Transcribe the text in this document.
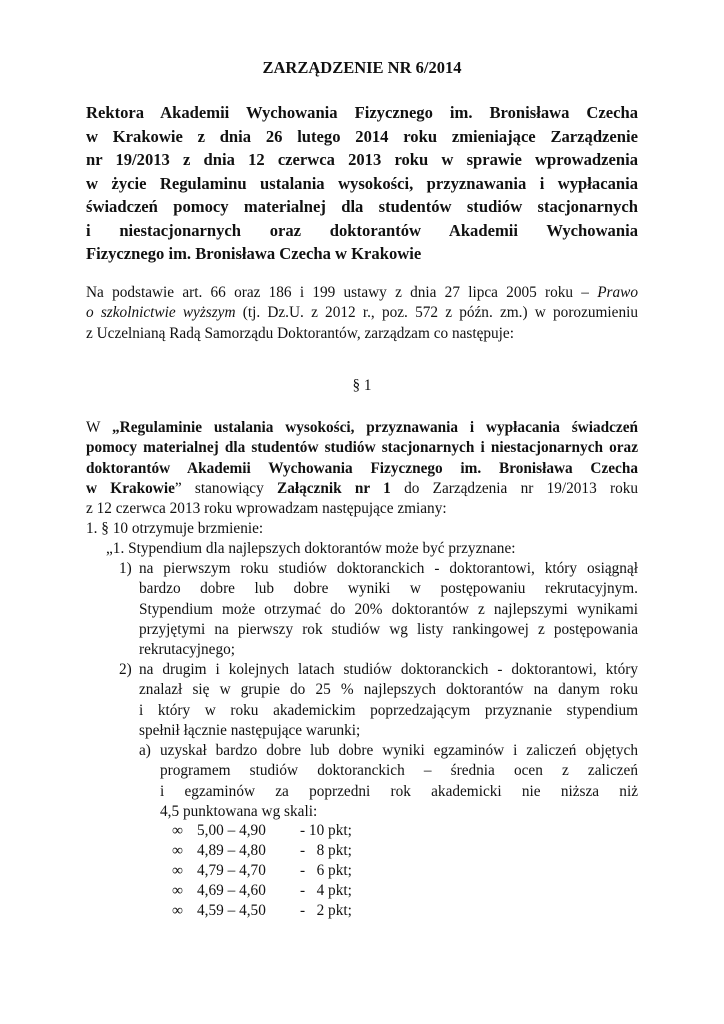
ZARZĄDZENIE NR 6/2014
Rektora Akademii Wychowania Fizycznego im. Bronisława Czecha
w Krakowie z dnia 26 lutego 2014 roku zmieniające Zarządzenie
nr 19/2013 z dnia 12 czerwca 2013 roku w sprawie wprowadzenia
w życie Regulaminu ustalania wysokości, przyznawania i wypłacania
świadczeń pomocy materialnej dla studentów studiów stacjonarnych
i niestacjonarnych oraz doktorantów Akademii Wychowania
Fizycznego im. Bronisława Czecha w Krakowie
Na podstawie art. 66 oraz 186 i 199 ustawy z dnia 27 lipca 2005 roku – Prawo
o szkolnictwie wyższym (tj. Dz.U. z 2012 r., poz. 572 z późn. zm.) w porozumieniu
z Uczelnianą Radą Samorządu Doktorantów, zarządzam co następuje:
§ 1
W „Regulaminie ustalania wysokości, przyznawania i wypłacania świadczeń
pomocy materialnej dla studentów studiów stacjonarnych i niestacjonarnych oraz
doktorantów Akademii Wychowania Fizycznego im. Bronisława Czecha
w Krakowie” stanowiący Załącznik nr 1 do Zarządzenia nr 19/2013 roku
z 12 czerwca 2013 roku wprowadzam następujące zmiany:
1. § 10 otrzymuje brzmienie:
„1. Stypendium dla najlepszych doktorantów może być przyznane:
1) na pierwszym roku studiów doktoranckich - doktorantowi, który osiągnął
bardzo dobre lub dobre wyniki w postępowaniu rekrutacyjnym.
Stypendium może otrzymać do 20% doktorantów z najlepszymi wynikami
przyjętymi na pierwszy rok studiów wg listy rankingowej z postępowania
rekrutacyjnego;
2) na drugim i kolejnych latach studiów doktoranckich - doktorantowi, który
znalazł się w grupie do 25 % najlepszych doktorantów na danym roku
i który w roku akademickim poprzedzającym przyznanie stypendium
spełnił łącznie następujące warunki;
a) uzyskał bardzo dobre lub dobre wyniki egzaminów i zaliczeń objętych
programem studiów doktoranckich – średnia ocen z zaliczeń
i egzaminów za poprzedni rok akademicki nie niższa niż
4,5 punktowana wg skali:
∞ 5,00 – 4,90 - 10 pkt;
∞ 4,89 – 4,80 -   8 pkt;
∞ 4,79 – 4,70 -   6 pkt;
∞ 4,69 – 4,60 -   4 pkt;
∞ 4,59 – 4,50 -   2 pkt;
